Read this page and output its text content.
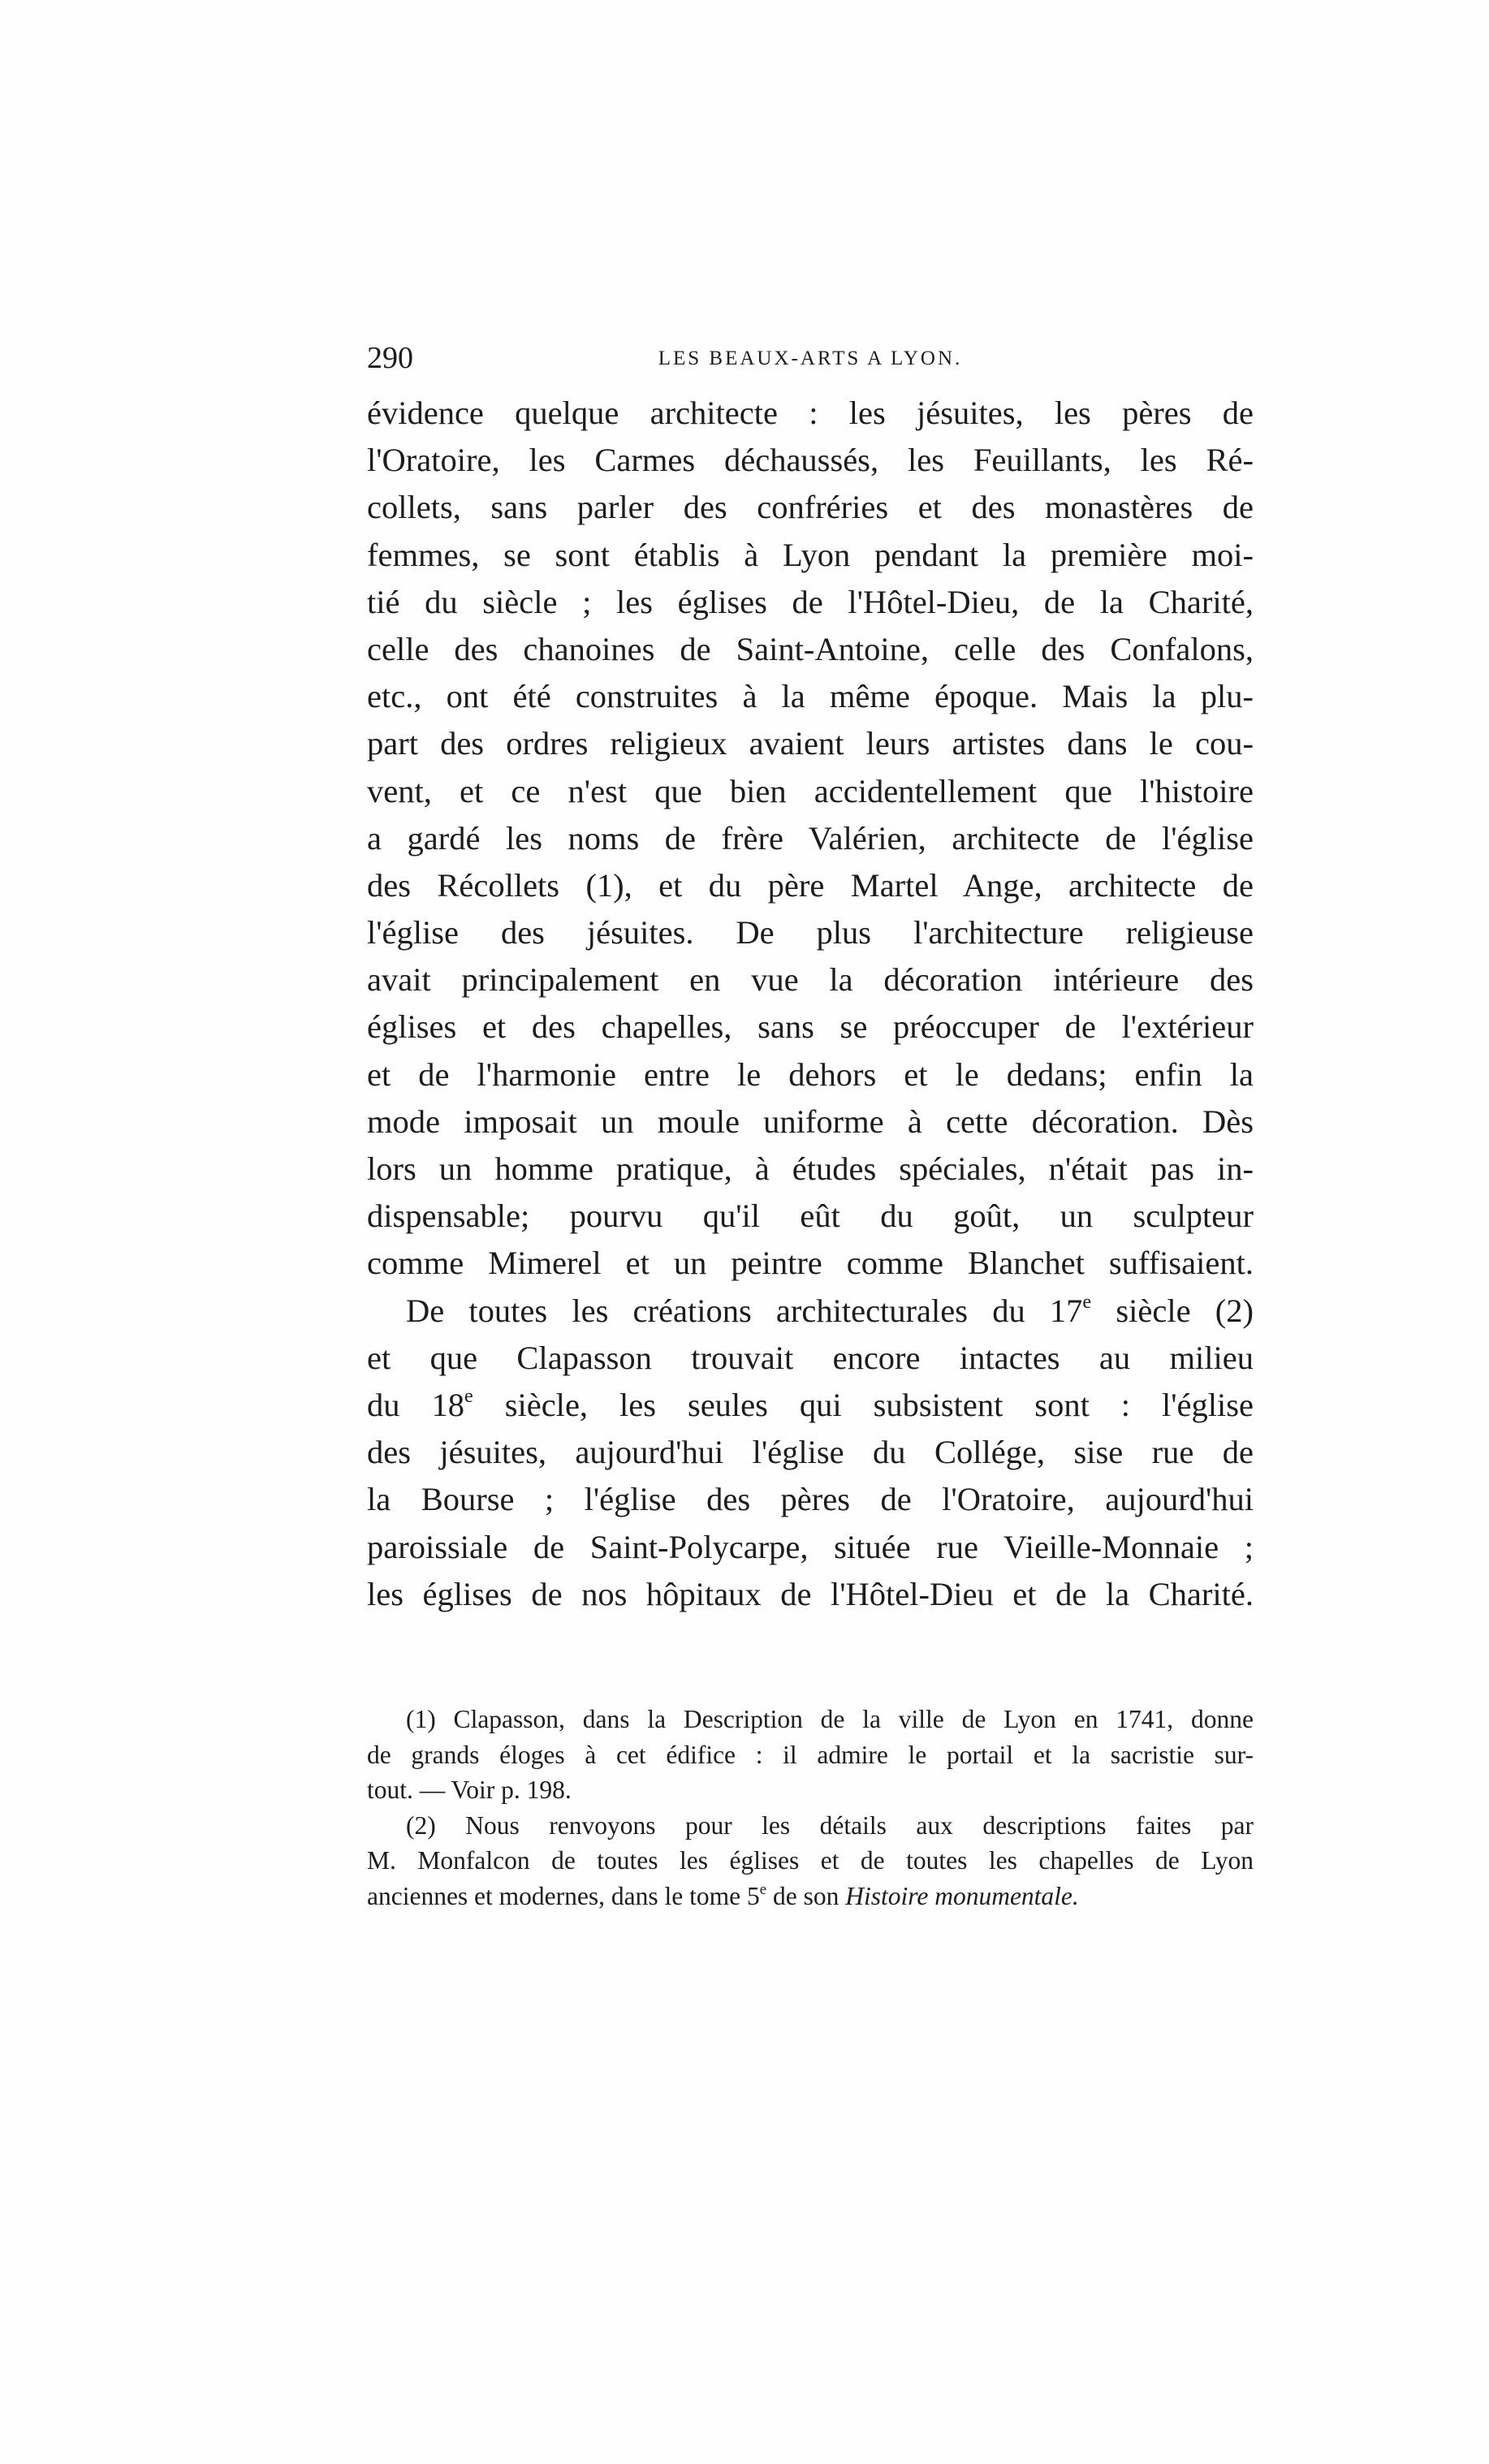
290	LES BEAUX-ARTS A LYON.
évidence quelque architecte : les jésuites, les pères de
l'Oratoire, les Carmes déchaussés, les Feuillants, les Ré-
collets, sans parler des confréries et des monastères de
femmes, se sont établis à Lyon pendant la première moi-
tié du siècle ; les églises de l'Hôtel-Dieu, de la Charité,
celle des chanoines de Saint-Antoine, celle des Confalons,
etc., ont été construites à la même époque. Mais la plu-
part des ordres religieux avaient leurs artistes dans le cou-
vent, et ce n'est que bien accidentellement que l'histoire
a gardé les noms de frère Valérien, architecte de l'église
des Récollets (1), et du père Martel Ange, architecte de
l'église des jésuites. De plus l'architecture religieuse
avait principalement en vue la décoration intérieure des
églises et des chapelles, sans se préoccuper de l'extérieur
et de l'harmonie entre le dehors et le dedans; enfin la
mode imposait un moule uniforme à cette décoration. Dès
lors un homme pratique, à études spéciales, n'était pas in-
dispensable; pourvu qu'il eût du goût, un sculpteur
comme Mimerel et un peintre comme Blanchet suffisaient.
De toutes les créations architecturales du 17e siècle (2)
et que Clapasson trouvait encore intactes au milieu
du 18e siècle, les seules qui subsistent sont : l'église
des jésuites, aujourd'hui l'église du Collége, sise rue de
la Bourse ; l'église des pères de l'Oratoire, aujourd'hui
paroissiale de Saint-Polycarpe, située rue Vieille-Monnaie ;
les églises de nos hôpitaux de l'Hôtel-Dieu et de la Charité.
(1) Clapasson, dans la Description de la ville de Lyon en 1741, donne
de grands éloges à cet édifice : il admire le portail et la sacristie sur-
tout. — Voir p. 198.
(2) Nous renvoyons pour les détails aux descriptions faites par
M. Monfalcon de toutes les églises et de toutes les chapelles de Lyon
anciennes et modernes, dans le tome 5e de son Histoire monumentale.
